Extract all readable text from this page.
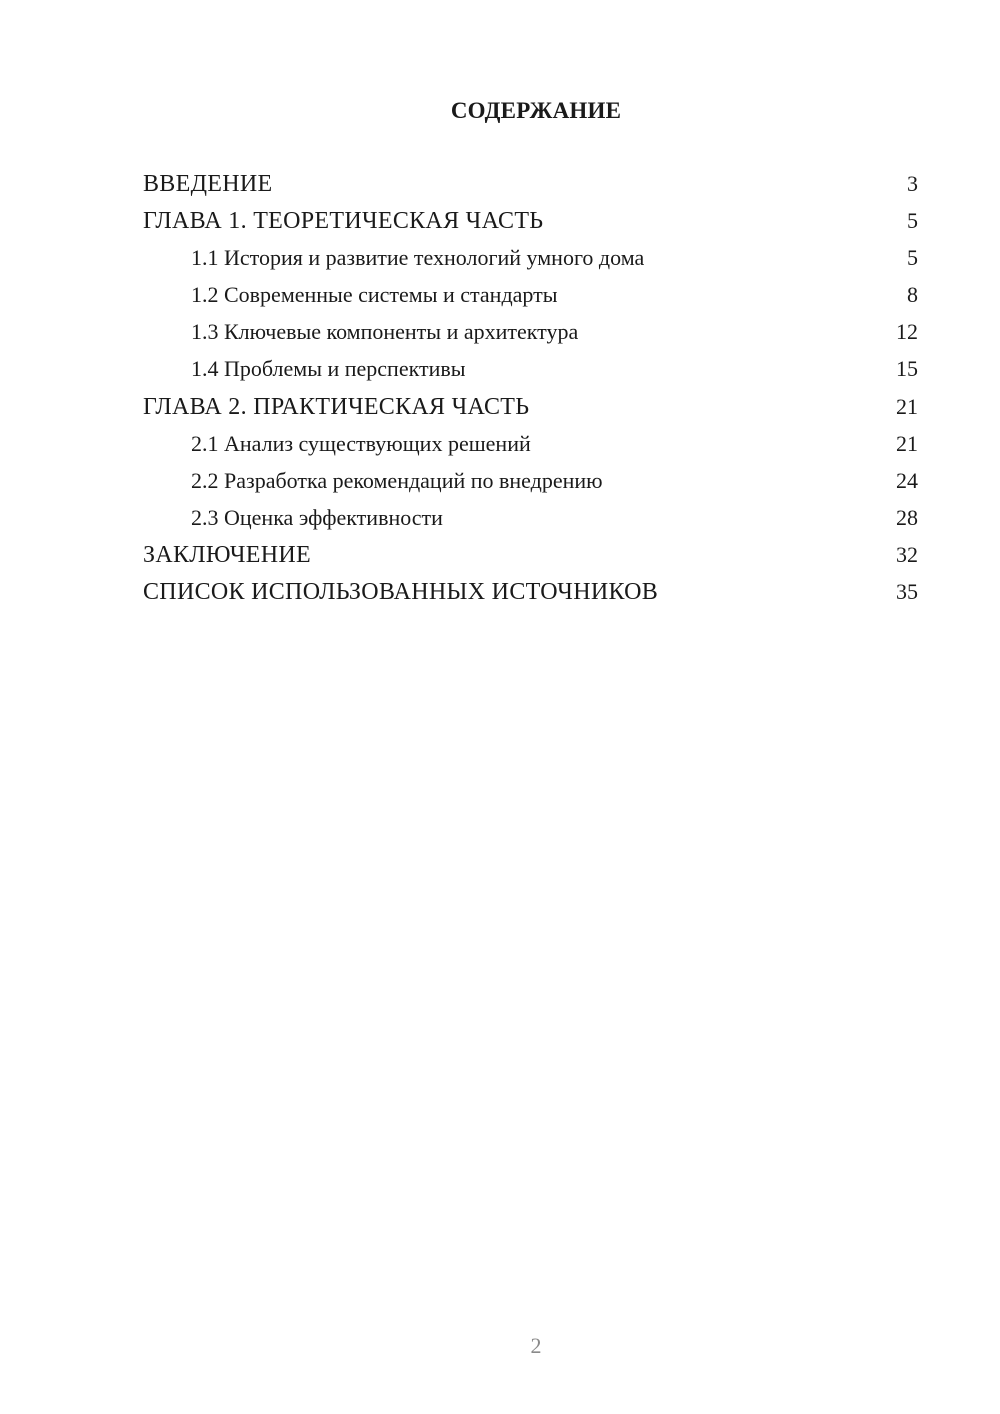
СОДЕРЖАНИЕ
ВВЕДЕНИЕ	3
ГЛАВА 1. ТЕОРЕТИЧЕСКАЯ ЧАСТЬ	5
1.1 История и развитие технологий умного дома	5
1.2 Современные системы и стандарты	8
1.3 Ключевые компоненты и архитектура	12
1.4 Проблемы и перспективы	15
ГЛАВА 2. ПРАКТИЧЕСКАЯ ЧАСТЬ	21
2.1 Анализ существующих решений	21
2.2 Разработка рекомендаций по внедрению	24
2.3 Оценка эффективности	28
ЗАКЛЮЧЕНИЕ	32
СПИСОК ИСПОЛЬЗОВАННЫХ ИСТОЧНИКОВ	35
2
